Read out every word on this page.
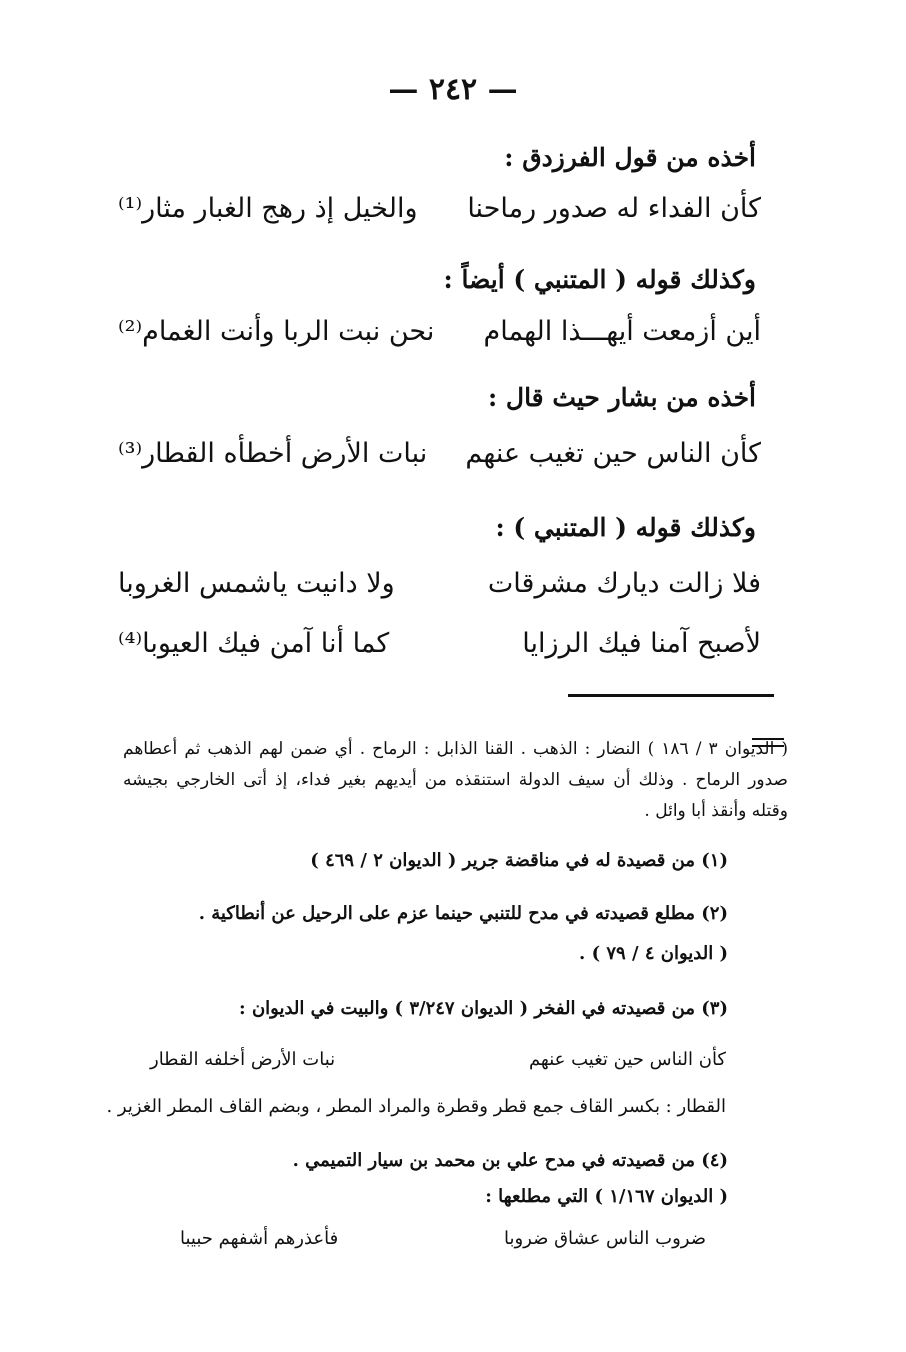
— ٢٤٢ —
أخذه من قول الفرزدق :
كأن الفداء له صدور رماحنا
والخيل إذ رهج الغبار مثار⁽¹⁾
وكذلك قوله ( المتنبي ) أيضاً :
أين أزمعت أيهـــذا الهمام
نحن نبت الربا وأنت الغمام⁽²⁾
أخذه من بشار حيث قال :
كأن الناس حين تغيب عنهم
نبات الأرض أخطأه القطار⁽³⁾
وكذلك قوله ( المتنبي ) :
فلا زالت ديارك مشرقات
ولا دانيت ياشمس الغروبا
لأصبح آمنا فيك الرزايا
كما أنا آمن فيك العيوبا⁽⁴⁾
( الديوان ٣ / ١٨٦ ) النضار : الذهب . القنا الذابل : الرماح . أي ضمن لهم الذهب ثم أعطاهم صدور الرماح . وذلك أن سيف الدولة استنقذه من أيديهم بغير فداء، إذ أتى الخارجي بجيشه وقتله وأنقذ أبا وائل .
(١) من قصيدة له في مناقضة جرير ( الديوان ٢ / ٤٦٩ )
(٢) مطلع قصيدته في مدح للتنبي حينما عزم على الرحيل عن أنطاكية .
( الديوان ٤ / ٧٩ ) .
(٣) من قصيدته في الفخر ( الديوان ٣/٢٤٧ ) والبيت في الديوان :
كأن الناس حين تغيب عنهم
نبات الأرض أخلفه القطار
القطار : بكسر القاف جمع قطر وقطرة والمراد المطر ، وبضم القاف المطر الغزير .
(٤) من قصيدته في مدح علي بن محمد بن سيار التميمي .
( الديوان ١/١٦٧ ) التي مطلعها :
ضروب الناس عشاق ضروبا
فأعذرهم أشفهم حبيبا
